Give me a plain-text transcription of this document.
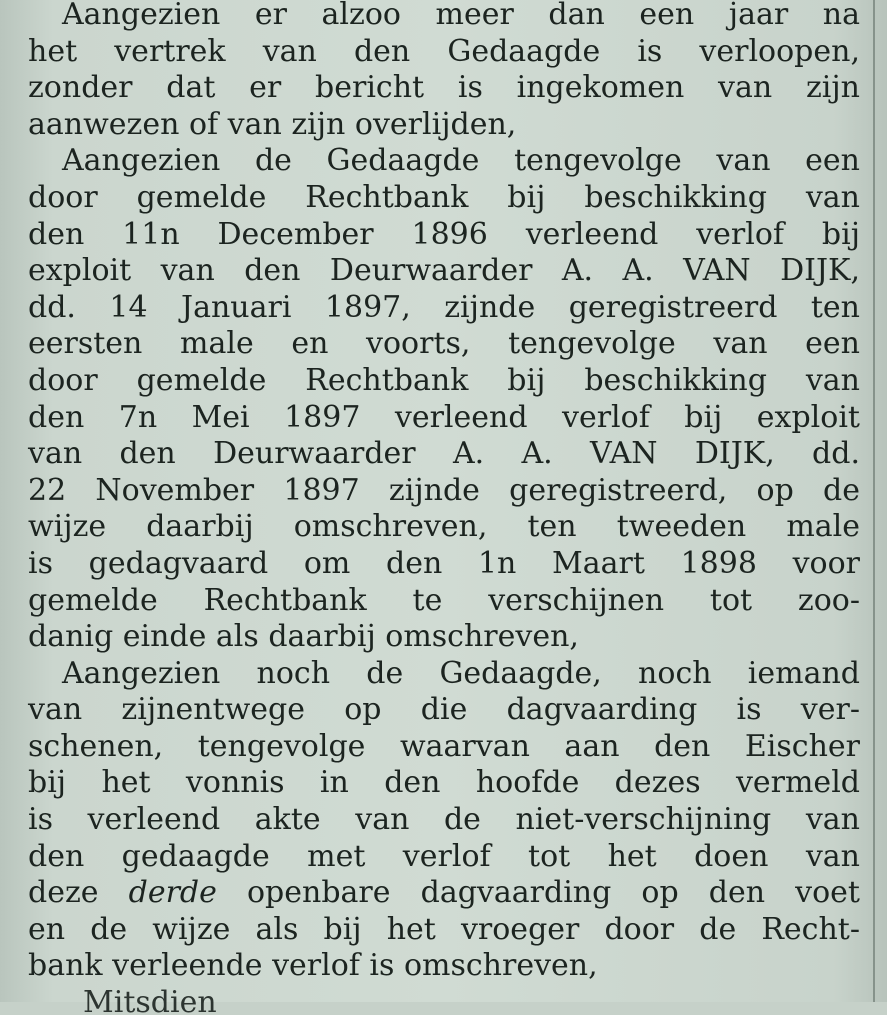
Aangezien er alzoo meer dan een jaar na
het vertrek van den Gedaagde is verloopen,
zonder dat er bericht is ingekomen van zijn
aanwezen of van zijn overlijden,
Aangezien de Gedaagde tengevolge van een
door gemelde Rechtbank bij beschikking van
den 11n December 1896 verleend verlof bij
exploit van den Deurwaarder A. A. VAN DIJK,
dd. 14 Januari 1897, zijnde geregistreerd ten
eersten male en voorts, tengevolge van een
door gemelde Rechtbank bij beschikking van
den 7n Mei 1897 verleend verlof bij exploit
van den Deurwaarder A. A. VAN DIJK, dd.
22 November 1897 zijnde geregistreerd, op de
wijze daarbij omschreven, ten tweeden male
is gedagvaard om den 1n Maart 1898 voor
gemelde Rechtbank te verschijnen tot zoo-
danig einde als daarbij omschreven,
Aangezien noch de Gedaagde, noch iemand
van zijnentwege op die dagvaarding is ver-
schenen, tengevolge waarvan aan den Eischer
bij het vonnis in den hoofde dezes vermeld
is verleend akte van de niet-verschijning van
den gedaagde met verlof tot het doen van
deze derde openbare dagvaarding op den voet
en de wijze als bij het vroeger door de Recht-
bank verleende verlof is omschreven,
Mitsdien
